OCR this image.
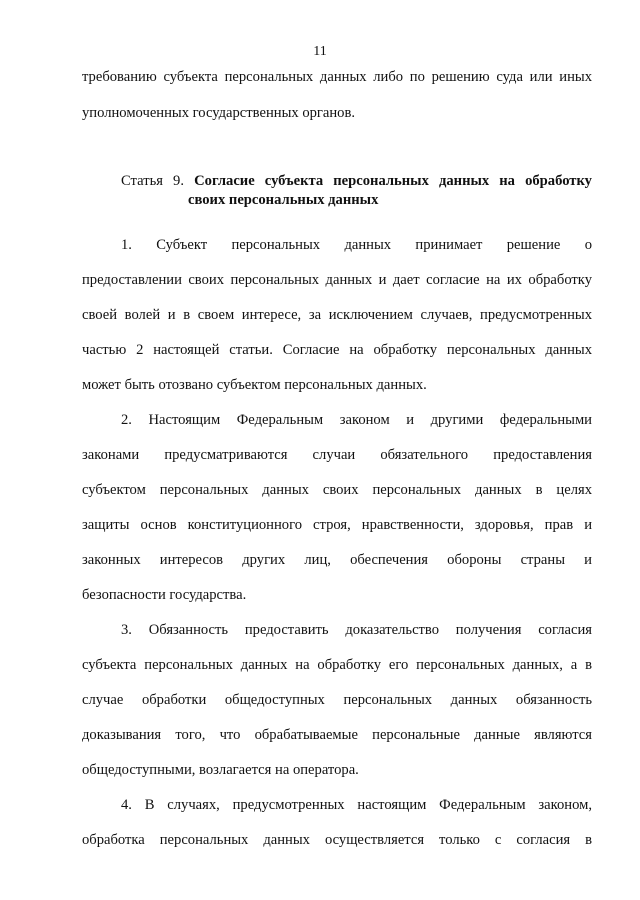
11
требованию субъекта персональных данных либо по решению суда или иных
уполномоченных государственных органов.
Статья 9. Согласие субъекта персональных данных на обработку
своих персональных данных
1. Субъект персональных данных принимает решение о
предоставлении своих персональных данных и дает согласие на их обработку
своей волей и в своем интересе, за исключением случаев, предусмотренных
частью 2 настоящей статьи. Согласие на обработку персональных данных
может быть отозвано субъектом персональных данных.
2. Настоящим Федеральным законом и другими федеральными
законами предусматриваются случаи обязательного предоставления
субъектом персональных данных своих персональных данных в целях
защиты основ конституционного строя, нравственности, здоровья, прав и
законных интересов других лиц, обеспечения обороны страны и
безопасности государства.
3. Обязанность предоставить доказательство получения согласия
субъекта персональных данных на обработку его персональных данных, а в
случае обработки общедоступных персональных данных обязанность
доказывания того, что обрабатываемые персональные данные являются
общедоступными, возлагается на оператора.
4. В случаях, предусмотренных настоящим Федеральным законом,
обработка персональных данных осуществляется только с согласия в
